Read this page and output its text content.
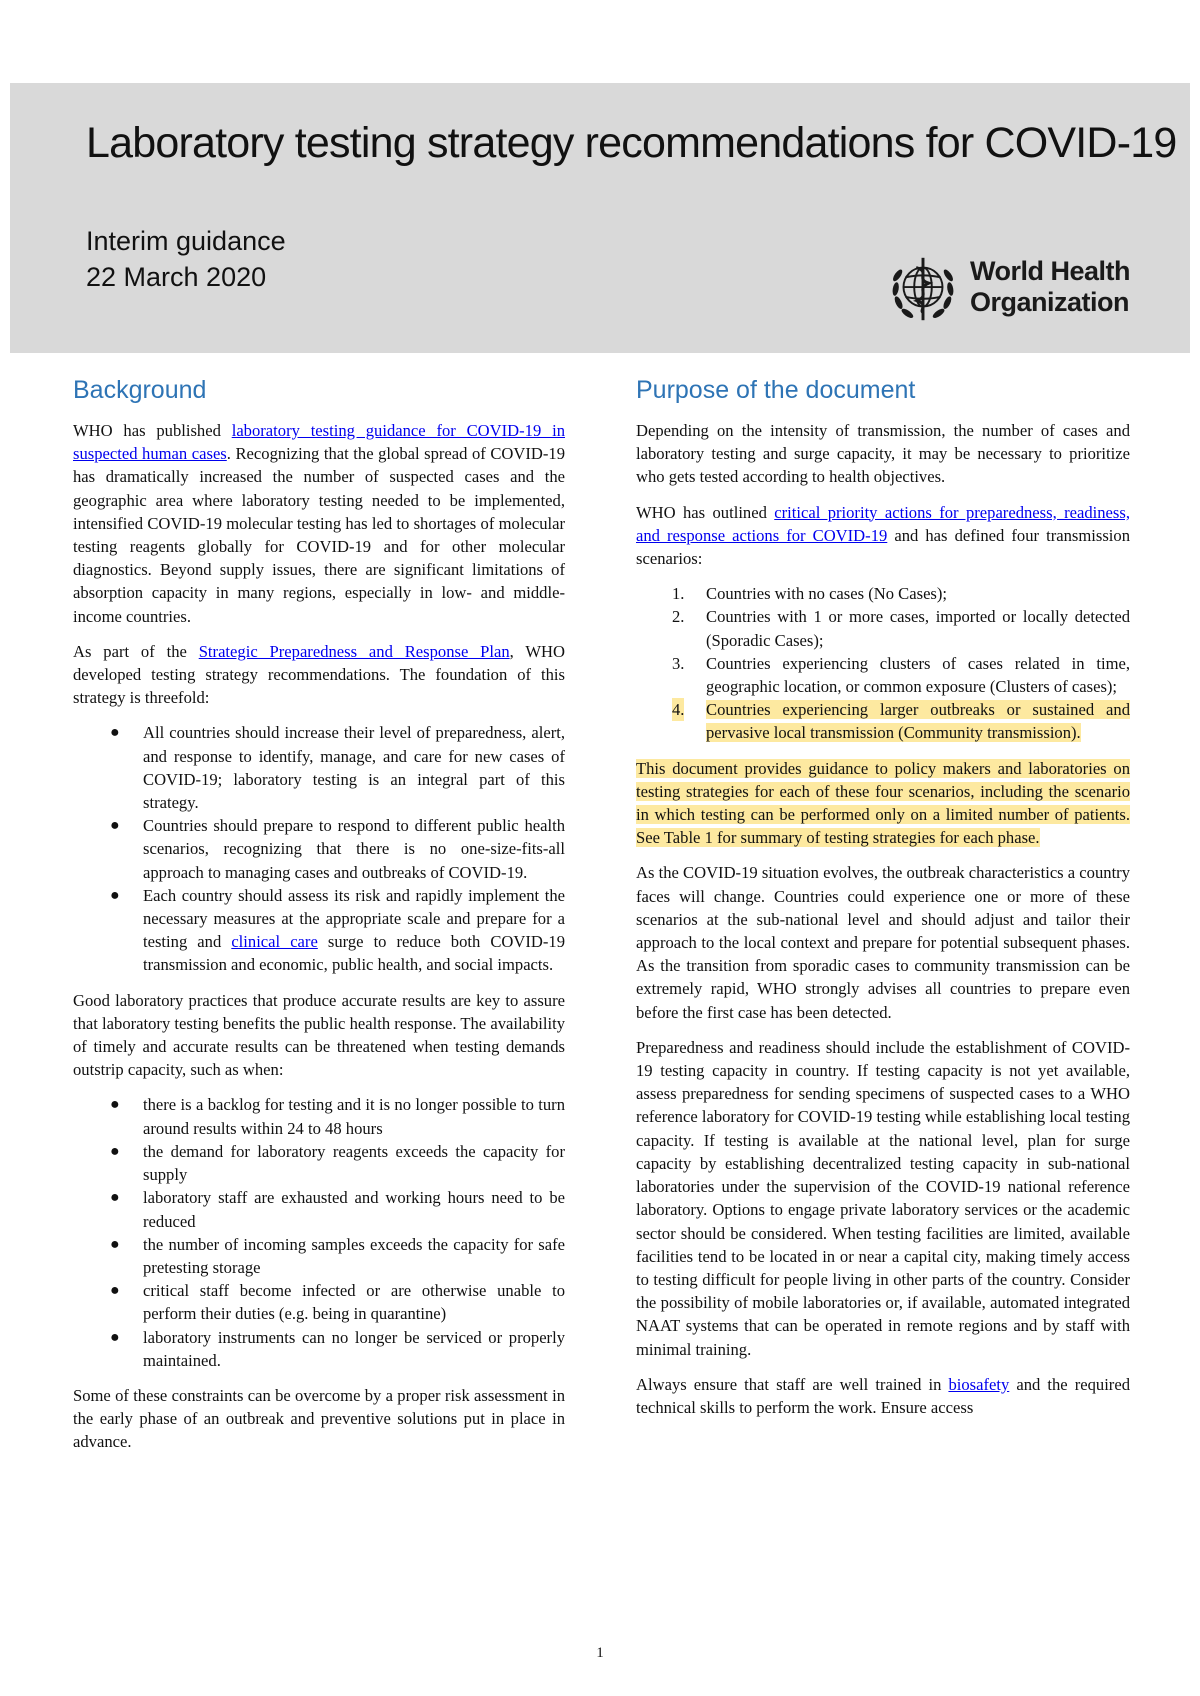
Laboratory testing strategy recommendations for COVID-19
Interim guidance
22 March 2020	World Health
Organization
Background

WHO has published laboratory testing guidance for COVID-19 in suspected human cases. Recognizing that the global spread of COVID-19 has dramatically increased the number of suspected cases and the geographic area where laboratory testing needed to be implemented, intensified COVID-19 molecular testing has led to shortages of molecular testing reagents globally for COVID-19 and for other molecular diagnostics. Beyond supply issues, there are significant limitations of absorption capacity in many regions, especially in low- and middle-income countries.

As part of the Strategic Preparedness and Response Plan, WHO developed testing strategy recommendations. The foundation of this strategy is threefold:

● All countries should increase their level of preparedness, alert, and response to identify, manage, and care for new cases of COVID-19; laboratory testing is an integral part of this strategy.
● Countries should prepare to respond to different public health scenarios, recognizing that there is no one-size-fits-all approach to managing cases and outbreaks of COVID-19.
● Each country should assess its risk and rapidly implement the necessary measures at the appropriate scale and prepare for a testing and clinical care surge to reduce both COVID-19 transmission and economic, public health, and social impacts.

Good laboratory practices that produce accurate results are key to assure that laboratory testing benefits the public health response. The availability of timely and accurate results can be threatened when testing demands outstrip capacity, such as when:

● there is a backlog for testing and it is no longer possible to turn around results within 24 to 48 hours
● the demand for laboratory reagents exceeds the capacity for supply
● laboratory staff are exhausted and working hours need to be reduced
● the number of incoming samples exceeds the capacity for safe pretesting storage
● critical staff become infected or are otherwise unable to perform their duties (e.g. being in quarantine)
● laboratory instruments can no longer be serviced or properly maintained.

Some of these constraints can be overcome by a proper risk assessment in the early phase of an outbreak and preventive solutions put in place in advance.

Purpose of the document

Depending on the intensity of transmission, the number of cases and laboratory testing and surge capacity, it may be necessary to prioritize who gets tested according to health objectives.

WHO has outlined critical priority actions for preparedness, readiness, and response actions for COVID-19 and has defined four transmission scenarios:

1. Countries with no cases (No Cases);
2. Countries with 1 or more cases, imported or locally detected (Sporadic Cases);
3. Countries experiencing clusters of cases related in time, geographic location, or common exposure (Clusters of cases);
4. Countries experiencing larger outbreaks or sustained and pervasive local transmission (Community transmission).

This document provides guidance to policy makers and laboratories on testing strategies for each of these four scenarios, including the scenario in which testing can be performed only on a limited number of patients. See Table 1 for summary of testing strategies for each phase.

As the COVID-19 situation evolves, the outbreak characteristics a country faces will change. Countries could experience one or more of these scenarios at the sub-national level and should adjust and tailor their approach to the local context and prepare for potential subsequent phases. As the transition from sporadic cases to community transmission can be extremely rapid, WHO strongly advises all countries to prepare even before the first case has been detected.

Preparedness and readiness should include the establishment of COVID-19 testing capacity in country. If testing capacity is not yet available, assess preparedness for sending specimens of suspected cases to a WHO reference laboratory for COVID-19 testing while establishing local testing capacity. If testing is available at the national level, plan for surge capacity by establishing decentralized testing capacity in sub-national laboratories under the supervision of the COVID-19 national reference laboratory. Options to engage private laboratory services or the academic sector should be considered. When testing facilities are limited, available facilities tend to be located in or near a capital city, making timely access to testing difficult for people living in other parts of the country. Consider the possibility of mobile laboratories or, if available, automated integrated NAAT systems that can be operated in remote regions and by staff with minimal training.

Always ensure that staff are well trained in biosafety and the required technical skills to perform the work. Ensure access

1
